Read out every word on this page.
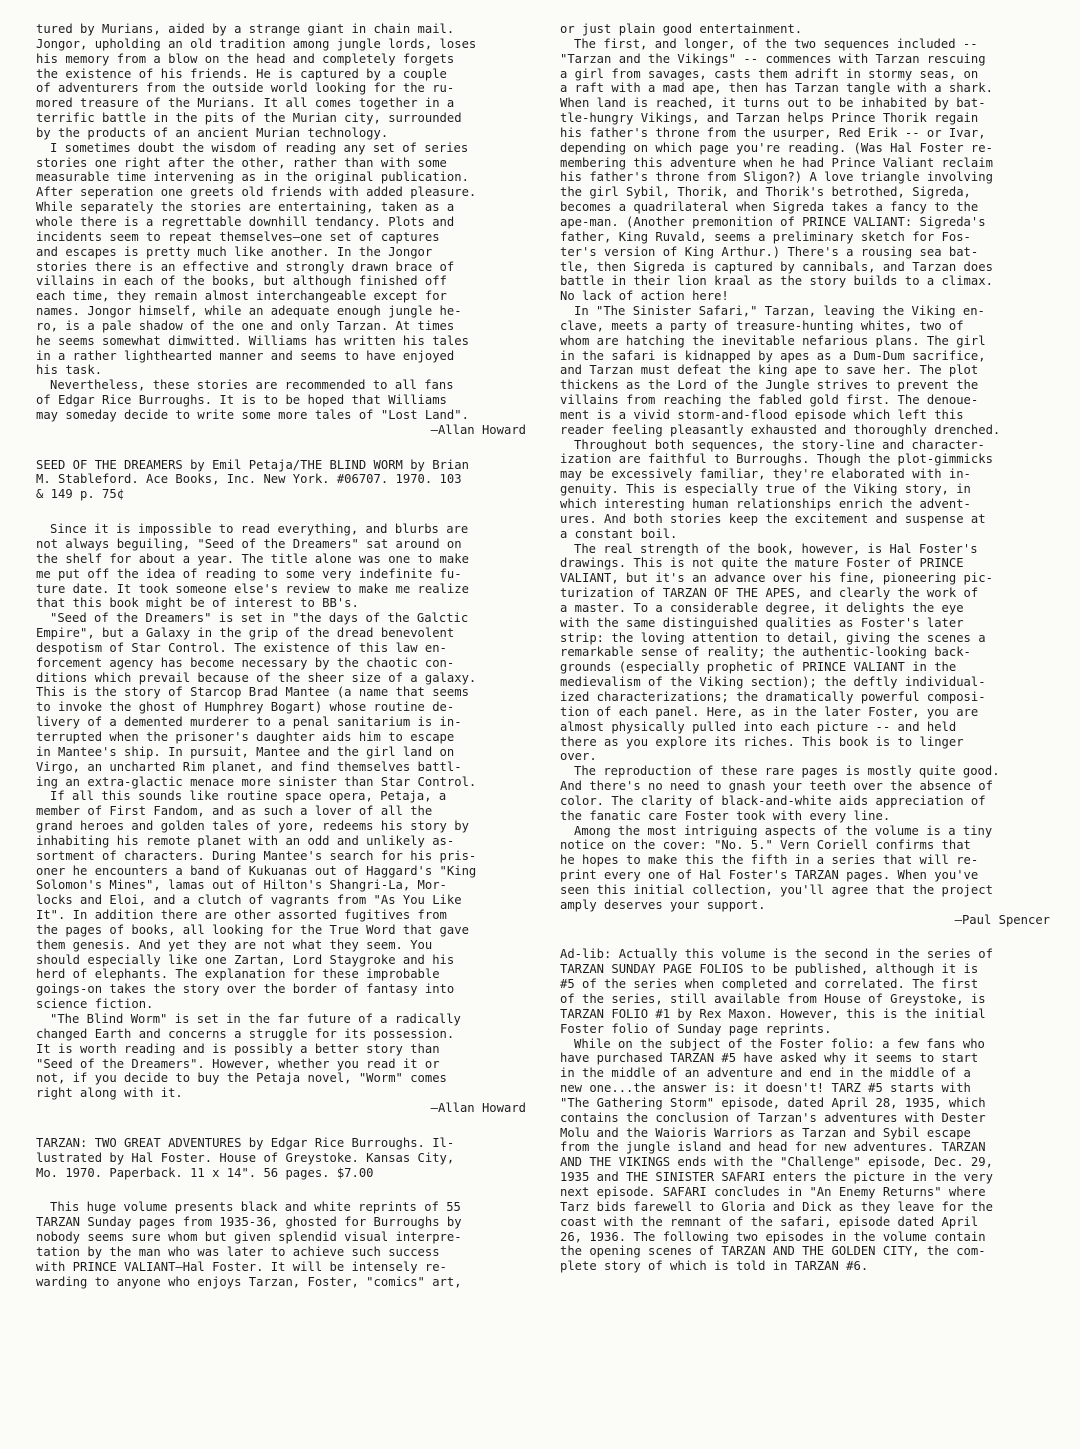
tured by Murians, aided by a strange giant in chain mail.
Jongor, upholding an old tradition among jungle lords, loses
his memory from a blow on the head and completely forgets
the existence of his friends. He is captured by a couple
of adventurers from the outside world looking for the ru-
mored treasure of the Murians. It all comes together in a
terrific battle in the pits of the Murian city, surrounded
by the products of an ancient Murian technology.
I sometimes doubt the wisdom of reading any set of series
stories one right after the other, rather than with some
measurable time intervening as in the original publication.
After seperation one greets old friends with added pleasure.
While separately the stories are entertaining, taken as a
whole there is a regrettable downhill tendancy. Plots and
incidents seem to repeat themselves—one set of captures
and escapes is pretty much like another. In the Jongor
stories there is an effective and strongly drawn brace of
villains in each of the books, but although finished off
each time, they remain almost interchangeable except for
names. Jongor himself, while an adequate enough jungle he-
ro, is a pale shadow of the one and only Tarzan. At times
he seems somewhat dimwitted. Williams has written his tales
in a rather lighthearted manner and seems to have enjoyed
his task.
Nevertheless, these stories are recommended to all fans
of Edgar Rice Burroughs. It is to be hoped that Williams
may someday decide to write some more tales of "Lost Land".
—Allan Howard
SEED OF THE DREAMERS by Emil Petaja/THE BLIND WORM by Brian
M. Stableford. Ace Books, Inc. New York. #06707. 1970. 103
& 149 p. 75¢
Since it is impossible to read everything, and blurbs are
not always beguiling, "Seed of the Dreamers" sat around on
the shelf for about a year. The title alone was one to make
me put off the idea of reading to some very indefinite fu-
ture date. It took someone else's review to make me realize
that this book might be of interest to BB's.
"Seed of the Dreamers" is set in "the days of the Galctic
Empire", but a Galaxy in the grip of the dread benevolent
despotism of Star Control. The existence of this law en-
forcement agency has become necessary by the chaotic con-
ditions which prevail because of the sheer size of a galaxy.
This is the story of Starcop Brad Mantee (a name that seems
to invoke the ghost of Humphrey Bogart) whose routine de-
livery of a demented murderer to a penal sanitarium is in-
terrupted when the prisoner's daughter aids him to escape
in Mantee's ship. In pursuit, Mantee and the girl land on
Virgo, an uncharted Rim planet, and find themselves battl-
ing an extra-glactic menace more sinister than Star Control.
If all this sounds like routine space opera, Petaja, a
member of First Fandom, and as such a lover of all the
grand heroes and golden tales of yore, redeems his story by
inhabiting his remote planet with an odd and unlikely as-
sortment of characters. During Mantee's search for his pris-
oner he encounters a band of Kukuanas out of Haggard's "King
Solomon's Mines", lamas out of Hilton's Shangri-La, Mor-
locks and Eloi, and a clutch of vagrants from "As You Like
It". In addition there are other assorted fugitives from
the pages of books, all looking for the True Word that gave
them genesis. And yet they are not what they seem. You
should especially like one Zartan, Lord Staygroke and his
herd of elephants. The explanation for these improbable
goings-on takes the story over the border of fantasy into
science fiction.
"The Blind Worm" is set in the far future of a radically
changed Earth and concerns a struggle for its possession.
It is worth reading and is possibly a better story than
"Seed of the Dreamers". However, whether you read it or
not, if you decide to buy the Petaja novel, "Worm" comes
right along with it.
—Allan Howard
TARZAN: TWO GREAT ADVENTURES by Edgar Rice Burroughs. Il-
lustrated by Hal Foster. House of Greystoke. Kansas City,
Mo. 1970. Paperback. 11 x 14". 56 pages. $7.00
This huge volume presents black and white reprints of 55
TARZAN Sunday pages from 1935-36, ghosted for Burroughs by
nobody seems sure whom but given splendid visual interpre-
tation by the man who was later to achieve such success
with PRINCE VALIANT—Hal Foster. It will be intensely re-
warding to anyone who enjoys Tarzan, Foster, "comics" art,
or just plain good entertainment.
The first, and longer, of the two sequences included --
"Tarzan and the Vikings" -- commences with Tarzan rescuing
a girl from savages, casts them adrift in stormy seas, on
a raft with a mad ape, then has Tarzan tangle with a shark.
When land is reached, it turns out to be inhabited by bat-
tle-hungry Vikings, and Tarzan helps Prince Thorik regain
his father's throne from the usurper, Red Erik -- or Ivar,
depending on which page you're reading. (Was Hal Foster re-
membering this adventure when he had Prince Valiant reclaim
his father's throne from Sligon?) A love triangle involving
the girl Sybil, Thorik, and Thorik's betrothed, Sigreda,
becomes a quadrilateral when Sigreda takes a fancy to the
ape-man. (Another premonition of PRINCE VALIANT: Sigreda's
father, King Ruvald, seems a preliminary sketch for Fos-
ter's version of King Arthur.) There's a rousing sea bat-
tle, then Sigreda is captured by cannibals, and Tarzan does
battle in their lion kraal as the story builds to a climax.
No lack of action here!
In "The Sinister Safari," Tarzan, leaving the Viking en-
clave, meets a party of treasure-hunting whites, two of
whom are hatching the inevitable nefarious plans. The girl
in the safari is kidnapped by apes as a Dum-Dum sacrifice,
and Tarzan must defeat the king ape to save her. The plot
thickens as the Lord of the Jungle strives to prevent the
villains from reaching the fabled gold first. The denoue-
ment is a vivid storm-and-flood episode which left this
reader feeling pleasantly exhausted and thoroughly drenched.
Throughout both sequences, the story-line and character-
ization are faithful to Burroughs. Though the plot-gimmicks
may be excessively familiar, they're elaborated with in-
genuity. This is especially true of the Viking story, in
which interesting human relationships enrich the advent-
ures. And both stories keep the excitement and suspense at
a constant boil.
The real strength of the book, however, is Hal Foster's
drawings. This is not quite the mature Foster of PRINCE
VALIANT, but it's an advance over his fine, pioneering pic-
turization of TARZAN OF THE APES, and clearly the work of
a master. To a considerable degree, it delights the eye
with the same distinguished qualities as Foster's later
strip: the loving attention to detail, giving the scenes a
remarkable sense of reality; the authentic-looking back-
grounds (especially prophetic of PRINCE VALIANT in the
medievalism of the Viking section); the deftly individual-
ized characterizations; the dramatically powerful composi-
tion of each panel. Here, as in the later Foster, you are
almost physically pulled into each picture -- and held
there as you explore its riches. This book is to linger
over.
The reproduction of these rare pages is mostly quite good.
And there's no need to gnash your teeth over the absence of
color. The clarity of black-and-white aids appreciation of
the fanatic care Foster took with every line.
Among the most intriguing aspects of the volume is a tiny
notice on the cover: "No. 5." Vern Coriell confirms that
he hopes to make this the fifth in a series that will re-
print every one of Hal Foster's TARZAN pages. When you've
seen this initial collection, you'll agree that the project
amply deserves your support.
—Paul Spencer
Ad-lib: Actually this volume is the second in the series of
TARZAN SUNDAY PAGE FOLIOS to be published, although it is
#5 of the series when completed and correlated. The first
of the series, still available from House of Greystoke, is
TARZAN FOLIO #1 by Rex Maxon. However, this is the initial
Foster folio of Sunday page reprints.
While on the subject of the Foster folio: a few fans who
have purchased TARZAN #5 have asked why it seems to start
in the middle of an adventure and end in the middle of a
new one...the answer is: it doesn't! TARZ #5 starts with
"The Gathering Storm" episode, dated April 28, 1935, which
contains the conclusion of Tarzan's adventures with Dester
Molu and the Waioris Warriors as Tarzan and Sybil escape
from the jungle island and head for new adventures. TARZAN
AND THE VIKINGS ends with the "Challenge" episode, Dec. 29,
1935 and THE SINISTER SAFARI enters the picture in the very
next episode. SAFARI concludes in "An Enemy Returns" where
Tarz bids farewell to Gloria and Dick as they leave for the
coast with the remnant of the safari, episode dated April
26, 1936. The following two episodes in the volume contain
the opening scenes of TARZAN AND THE GOLDEN CITY, the com-
plete story of which is told in TARZAN #6.
